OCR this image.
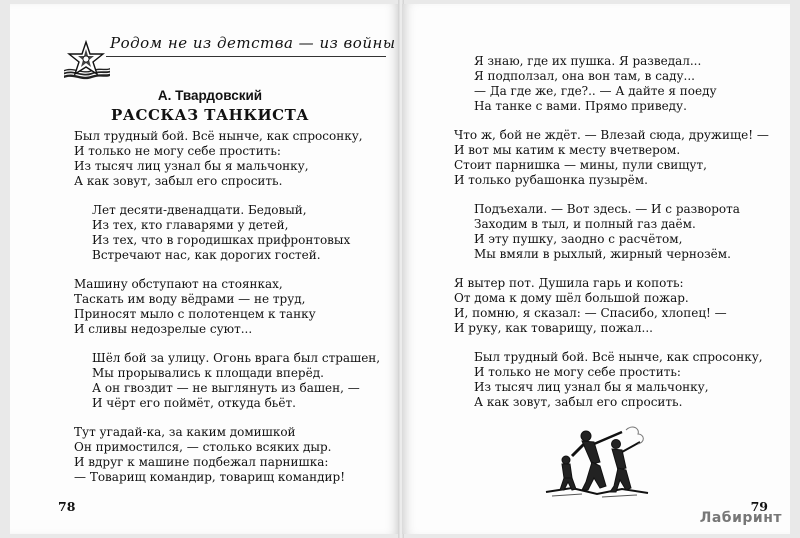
Родом не из детства — из войны
А. Твардовский
РАССКАЗ ТАНКИСТА
Был трудный бой. Всё нынче, как спросонку,
И только не могу себе простить:
Из тысяч лиц узнал бы я мальчонку,
А как зовут, забыл его спросить.
Лет десяти-двенадцати. Бедовый,
Из тех, кто главарями у детей,
Из тех, что в городишках прифронтовых
Встречают нас, как дорогих гостей.
Машину обступают на стоянках,
Таскать им воду вёдрами — не труд,
Приносят мыло с полотенцем к танку
И сливы недозрелые суют...
Шёл бой за улицу. Огонь врага был страшен,
Мы прорывались к площади вперёд.
А он гвоздит — не выглянуть из башен, —
И чёрт его поймёт, откуда бьёт.
Тут угадай-ка, за каким домишкой
Он примостился, — столько всяких дыр.
И вдруг к машине подбежал парнишка:
— Товарищ командир, товарищ командир!
78
Я знаю, где их пушка. Я разведал...
Я подползал, она вон там, в саду...
— Да где же, где?.. — А дайте я поеду
На танке с вами. Прямо приведу.
Что ж, бой не ждёт. — Влезай сюда, дружище! —
И вот мы катим к месту вчетвером.
Стоит парнишка — мины, пули свищут,
И только рубашонка пузырём.
Подъехали. — Вот здесь. — И с разворота
Заходим в тыл, и полный газ даём.
И эту пушку, заодно с расчётом,
Мы вмяли в рыхлый, жирный чернозём.
Я вытер пот. Душила гарь и копоть:
От дома к дому шёл большой пожар.
И, помню, я сказал: — Спасибо, хлопец! —
И руку, как товарищу, пожал...
Был трудный бой. Всё нынче, как спросонку,
И только не могу себе простить:
Из тысяч лиц узнал бы я мальчонку,
А как зовут, забыл его спросить.
79
Лабиринт
